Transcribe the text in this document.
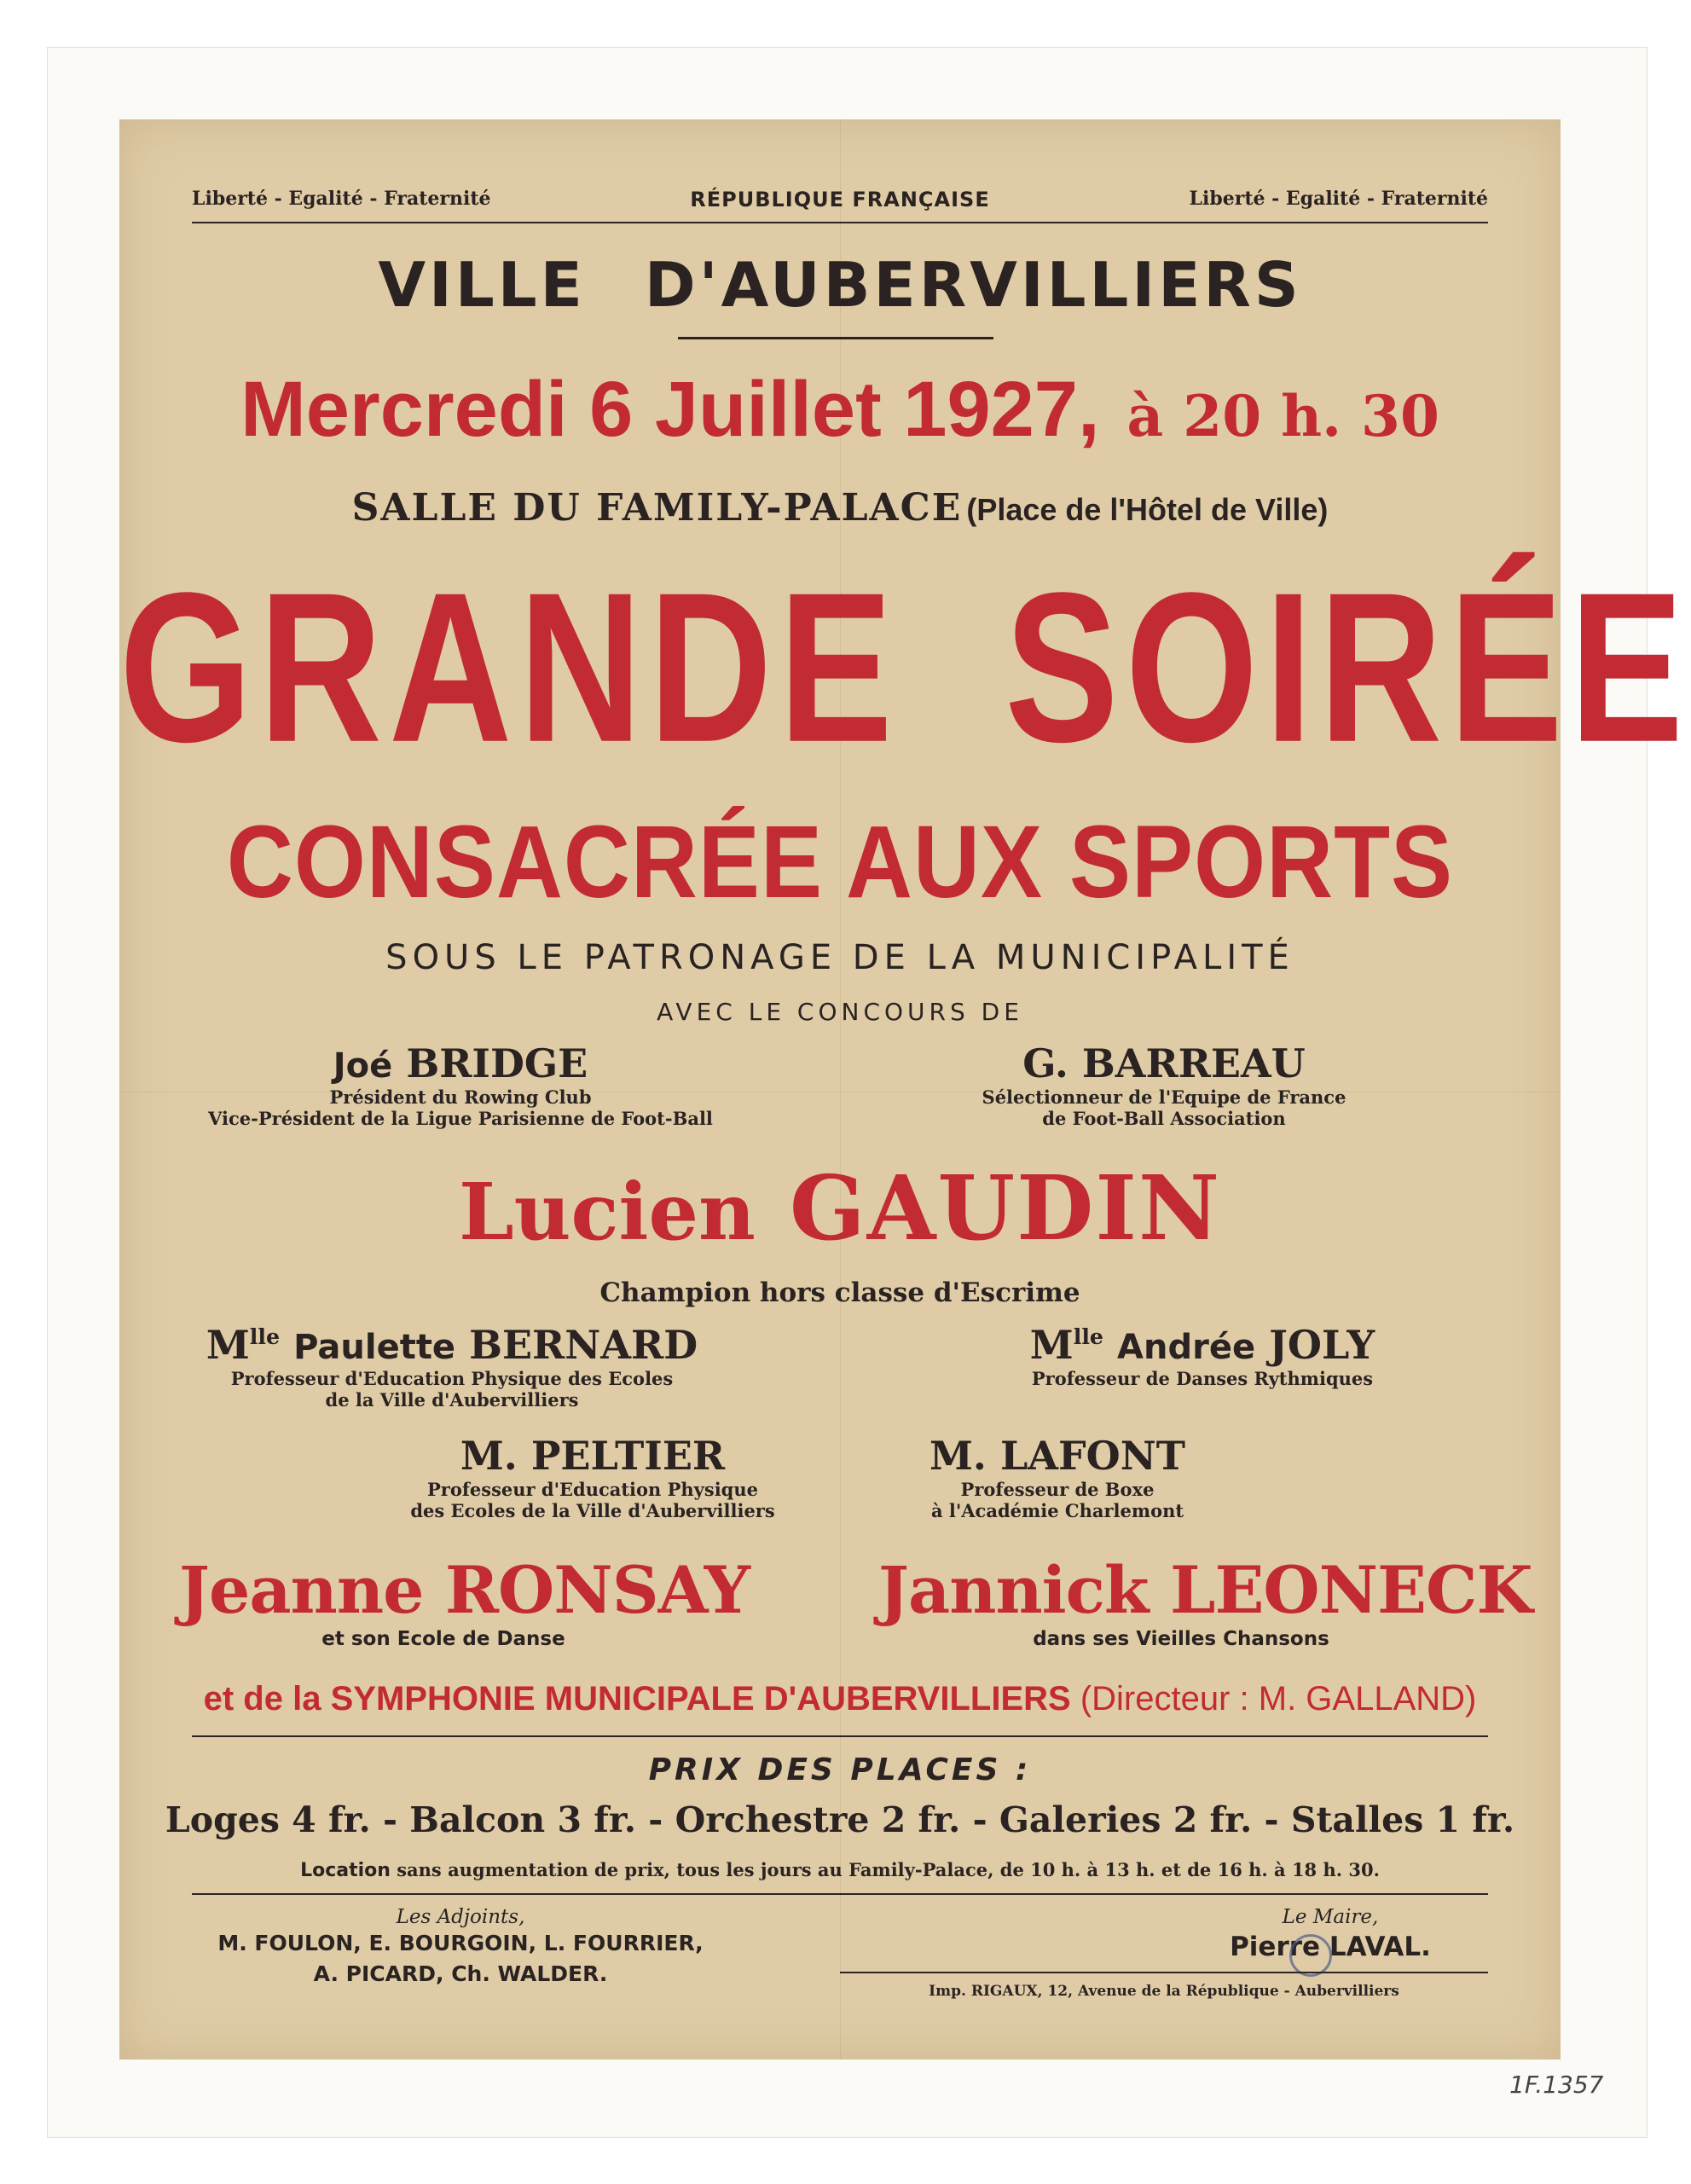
Liberté - Egalité - Fraternité	RÉPUBLIQUE FRANÇAISE	Liberté - Egalité - Fraternité
VILLE D'AUBERVILLIERS
Mercredi 6 Juillet 1927, à 20 h. 30
SALLE DU FAMILY-PALACE (Place de l'Hôtel de Ville)
GRANDE SOIRÉE
CONSACRÉE AUX SPORTS
SOUS LE PATRONAGE DE LA MUNICIPALITÉ
AVEC LE CONCOURS DE
Joé BRIDGE
Président du Rowing Club
Vice-Président de la Ligue Parisienne de Foot-Ball
G. BARREAU
Sélectionneur de l'Equipe de France
de Foot-Ball Association
Lucien GAUDIN
Champion hors classe d'Escrime
$M^{lle}$ Paulette BERNARD
Professeur d'Education Physique des Ecoles
de la Ville d'Aubervilliers
$M^{lle}$ Andrée JOLY
Professeur de Danses Rythmiques
M. PELTIER
Professeur d'Education Physique
des Ecoles de la Ville d'Aubervilliers
M. LAFONT
Professeur de Boxe
à l'Académie Charlemont
Jeanne RONSAY
et son Ecole de Danse
Jannick LEONECK
dans ses Vieilles Chansons
et de la SYMPHONIE MUNICIPALE D'AUBERVILLIERS (Directeur : M. GALLAND)
PRIX DES PLACES :
Loges 4 fr. - Balcon 3 fr. - Orchestre 2 fr. - Galeries 2 fr. - Stalles 1 fr.
Location sans augmentation de prix, tous les jours au Family-Palace, de 10 h. à 13 h. et de 16 h. à 18 h. 30.
Les Adjoints,
M. FOULON, E. BOURGOIN, L. FOURRIER,
A. PICARD, Ch. WALDER.
Le Maire,
Pierre LAVAL.
Imp. RIGAUX, 12, Avenue de la République - Aubervilliers
1F.1357
